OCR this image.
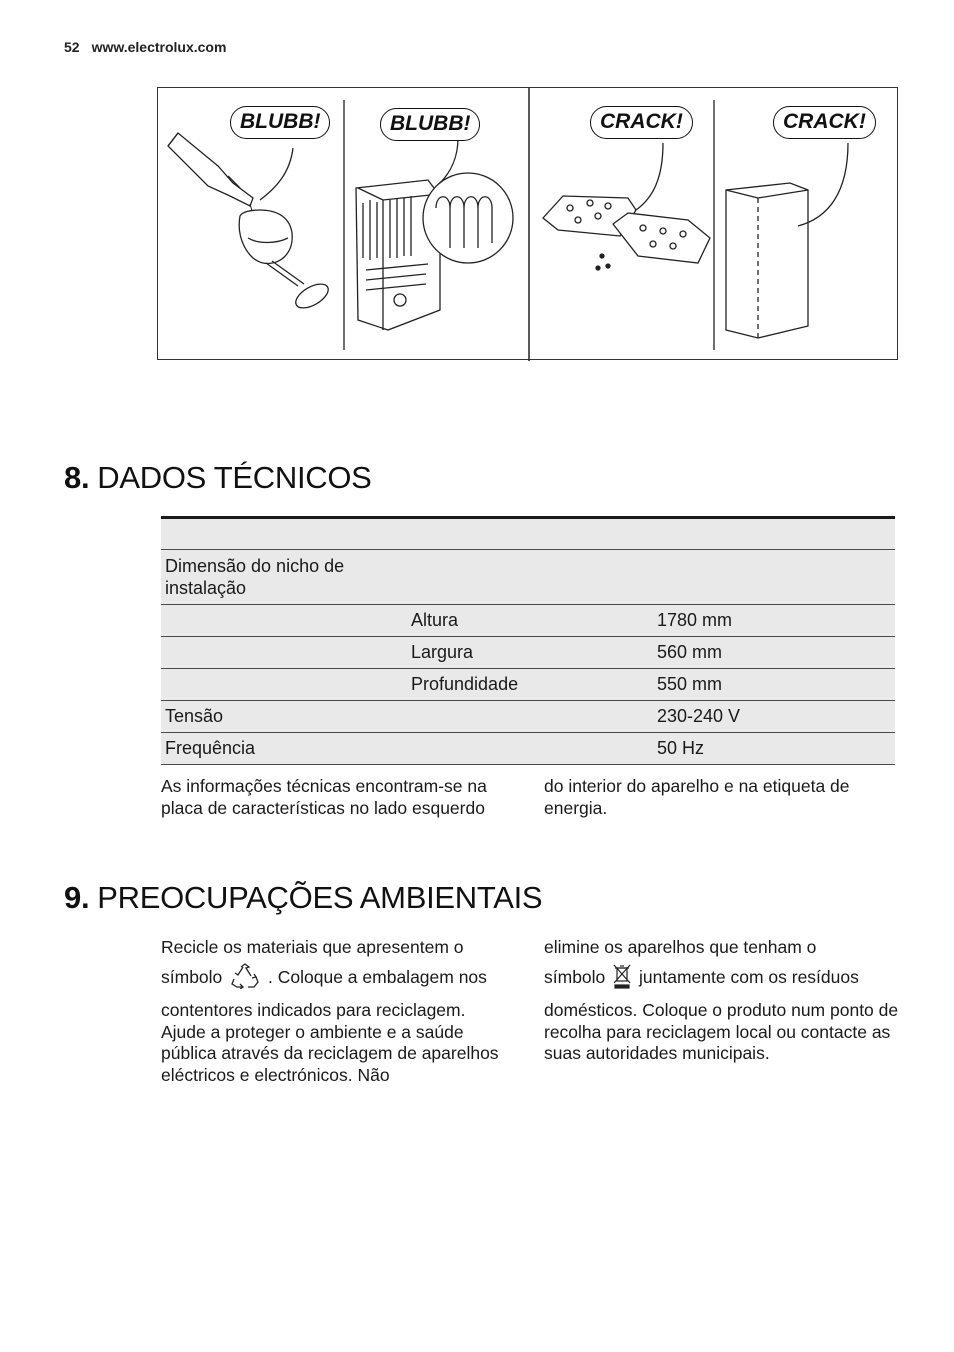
52 www.electrolux.com
BLUBB!	BLUBB!	CRACK!	CRACK!
8. DADOS TÉCNICOS

Dimensão do nicho de instalação		
	Altura	1780 mm
	Largura	560 mm
	Profundidade	550 mm
Tensão		230-240 V
Frequência		50 Hz
As informações técnicas encontram-se na placa de características no lado esquerdo
do interior do aparelho e na etiqueta de energia.
9. PREOCUPAÇÕES AMBIENTAIS
Recicle os materiais que apresentem o
símbolo	. Coloque a embalagem nos
contentores indicados para reciclagem. Ajude a proteger o ambiente e a saúde pública através da reciclagem de aparelhos eléctricos e electrónicos. Não
elimine os aparelhos que tenham o
símbolo juntamente com os resíduos
domésticos. Coloque o produto num ponto de recolha para reciclagem local ou contacte as suas autoridades municipais.
